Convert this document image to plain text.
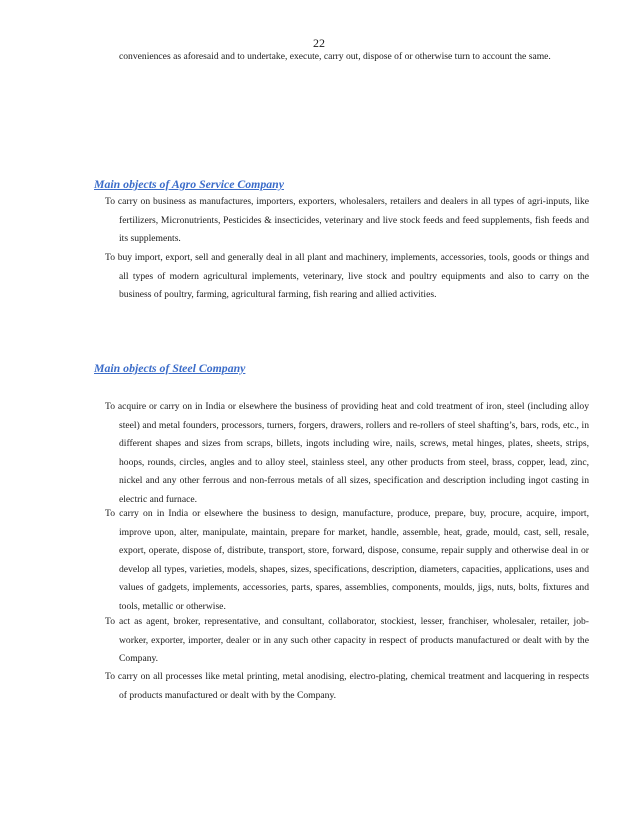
22
conveniences as aforesaid and to undertake, execute, carry out, dispose of or otherwise turn to account the same.
Main objects of Agro Service Company
To carry on business as manufactures, importers, exporters, wholesalers, retailers and dealers in all types of agri-inputs, like fertilizers, Micronutrients, Pesticides & insecticides, veterinary and live stock feeds and feed supplements, fish feeds and its supplements.
To buy import, export, sell and generally deal in all plant and machinery, implements, accessories, tools, goods or things and all types of modern agricultural implements, veterinary, live stock and poultry equipments and also to carry on the business of poultry, farming, agricultural farming, fish rearing and allied activities.
Main objects of Steel Company
To acquire or carry on in India or elsewhere the business of providing heat and cold treatment of iron, steel (including alloy steel) and metal founders, processors, turners, forgers, drawers, rollers and re-rollers of steel shafting’s, bars, rods, etc., in different shapes and sizes from scraps, billets, ingots including wire, nails, screws, metal hinges, plates, sheets, strips, hoops, rounds, circles, angles and to alloy steel, stainless steel, any other products from steel, brass, copper, lead, zinc, nickel and any other ferrous and non-ferrous metals of all sizes, specification and description including ingot casting in electric and furnace.
To carry on in India or elsewhere the business to design, manufacture, produce, prepare, buy, procure, acquire, import, improve upon, alter, manipulate, maintain, prepare for market, handle, assemble, heat, grade, mould, cast, sell, resale, export, operate, dispose of, distribute, transport, store, forward, dispose, consume, repair supply and otherwise deal in or develop all types, varieties, models, shapes, sizes, specifications, description, diameters, capacities, applications, uses and values of gadgets, implements, accessories, parts, spares, assemblies, components, moulds, jigs, nuts, bolts, fixtures and tools, metallic or otherwise.
To act as agent, broker, representative, and consultant, collaborator, stockiest, lesser, franchiser, wholesaler, retailer, job-worker, exporter, importer, dealer or in any such other capacity in respect of products manufactured or dealt with by the Company.
To carry on all processes like metal printing, metal anodising, electro-plating, chemical treatment and lacquering in respects of products manufactured or dealt with by the Company.
